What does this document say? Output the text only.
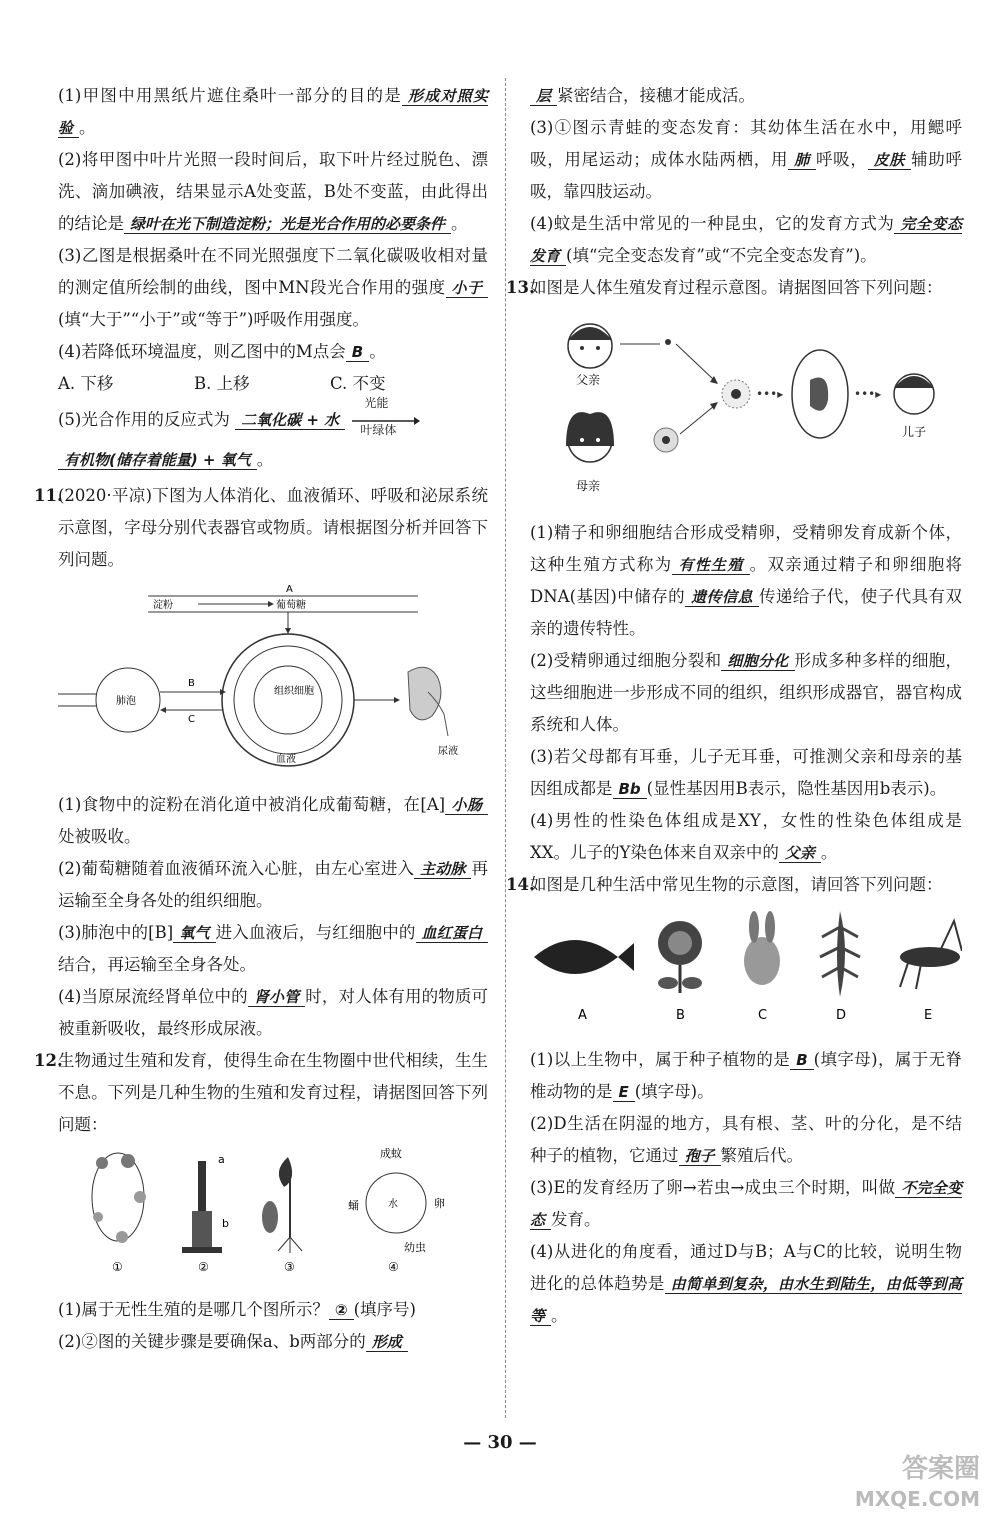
(1)甲图中用黑纸片遮住桑叶一部分的目的是 形成对照实验 。

(2)将甲图中叶片光照一段时间后，取下叶片经过脱色、漂洗、滴加碘液，结果显示A处变蓝，B处不变蓝，由此得出的结论是 绿叶在光下制造淀粉；光是光合作用的必要条件 。

(3)乙图是根据桑叶在不同光照强度下二氧化碳吸收相对量的测定值所绘制的曲线，图中MN段光合作用的强度 小于(填“大于”“小于”或“等于”)呼吸作用强度。

(4)若降低环境温度，则乙图中的M点会 B 。

A. 下移	B. 上移	C. 不变

(5)光合作用的反应式为 二氧化碳 + 水
光能
叶绿体

有机物(储存着能量) + 氧气 。

11.(2020·平凉)下图为人体消化、血液循环、呼吸和泌尿系统示意图，字母分别代表器官或物质。请根据图分析并回答下列问题。

A
淀粉	葡萄糖
组织细胞
血液
肺泡
B
C
尿液

(1)食物中的淀粉在消化道中被消化成葡萄糖，在[A] 小肠处被吸收。

(2)葡萄糖随着血液循环流入心脏，由左心室进入 主动脉 再运输至全身各处的组织细胞。

(3)肺泡中的[B] 氧气 进入血液后，与红细胞中的 血红蛋白结合，再运输至全身各处。

(4)当原尿流经肾单位中的 肾小管 时，对人体有用的物质可被重新吸收，最终形成尿液。

12.生物通过生殖和发育，使得生命在生物圈中世代相续，生生不息。下列是几种生物的生殖和发育过程，请据图回答下列问题：

①
a
b
②	③
成蚊
水	卵
蛹
幼虫
④

(1)属于无性生殖的是哪几个图所示？ ② (填序号)

(2)②图的关键步骤是要确保a、b两部分的 形成

层 紧密结合，接穗才能成活。

(3)①图示青蛙的变态发育：其幼体生活在水中，用鳃呼吸，用尾运动；成体水陆两栖，用 肺 呼吸， 皮肤 辅助呼吸，靠四肢运动。

(4)蚊是生活中常见的一种昆虫，它的发育方式为 完全变态发育 (填“完全变态发育”或“不完全变态发育”)。

13.如图是人体生殖发育过程示意图。请据图回答下列问题：

父亲
母亲
•••▸	•••▸
儿子

(1)精子和卵细胞结合形成受精卵，受精卵发育成新个体，这种生殖方式称为 有性生殖 。双亲通过精子和卵细胞将DNA(基因)中储存的 遗传信息 传递给子代，使子代具有双亲的遗传特性。

(2)受精卵通过细胞分裂和 细胞分化 形成多种多样的细胞，这些细胞进一步形成不同的组织，组织形成器官，器官构成系统和人体。

(3)若父母都有耳垂，儿子无耳垂，可推测父亲和母亲的基因组成都是 Bb (显性基因用B表示，隐性基因用b表示)。

(4)男性的性染色体组成是XY，女性的性染色体组成是XX。儿子的Y染色体来自双亲中的 父亲 。

14.如图是几种生活中常见生物的示意图，请回答下列问题：

A	B	C	D	E

(1)以上生物中，属于种子植物的是 B (填字母)，属于无脊椎动物的是 E (填字母)。

(2)D生活在阴湿的地方，具有根、茎、叶的分化，是不结种子的植物，它通过 孢子 繁殖后代。

(3)E的发育经历了卵→若虫→成虫三个时期，叫做 不完全变态 发育。

(4)从进化的角度看，通过D与B；A与C的比较，说明生物进化的总体趋势是 由简单到复杂，由水生到陆生，由低等到高等 。

— 30 —
答案圈
MXQE.COM
